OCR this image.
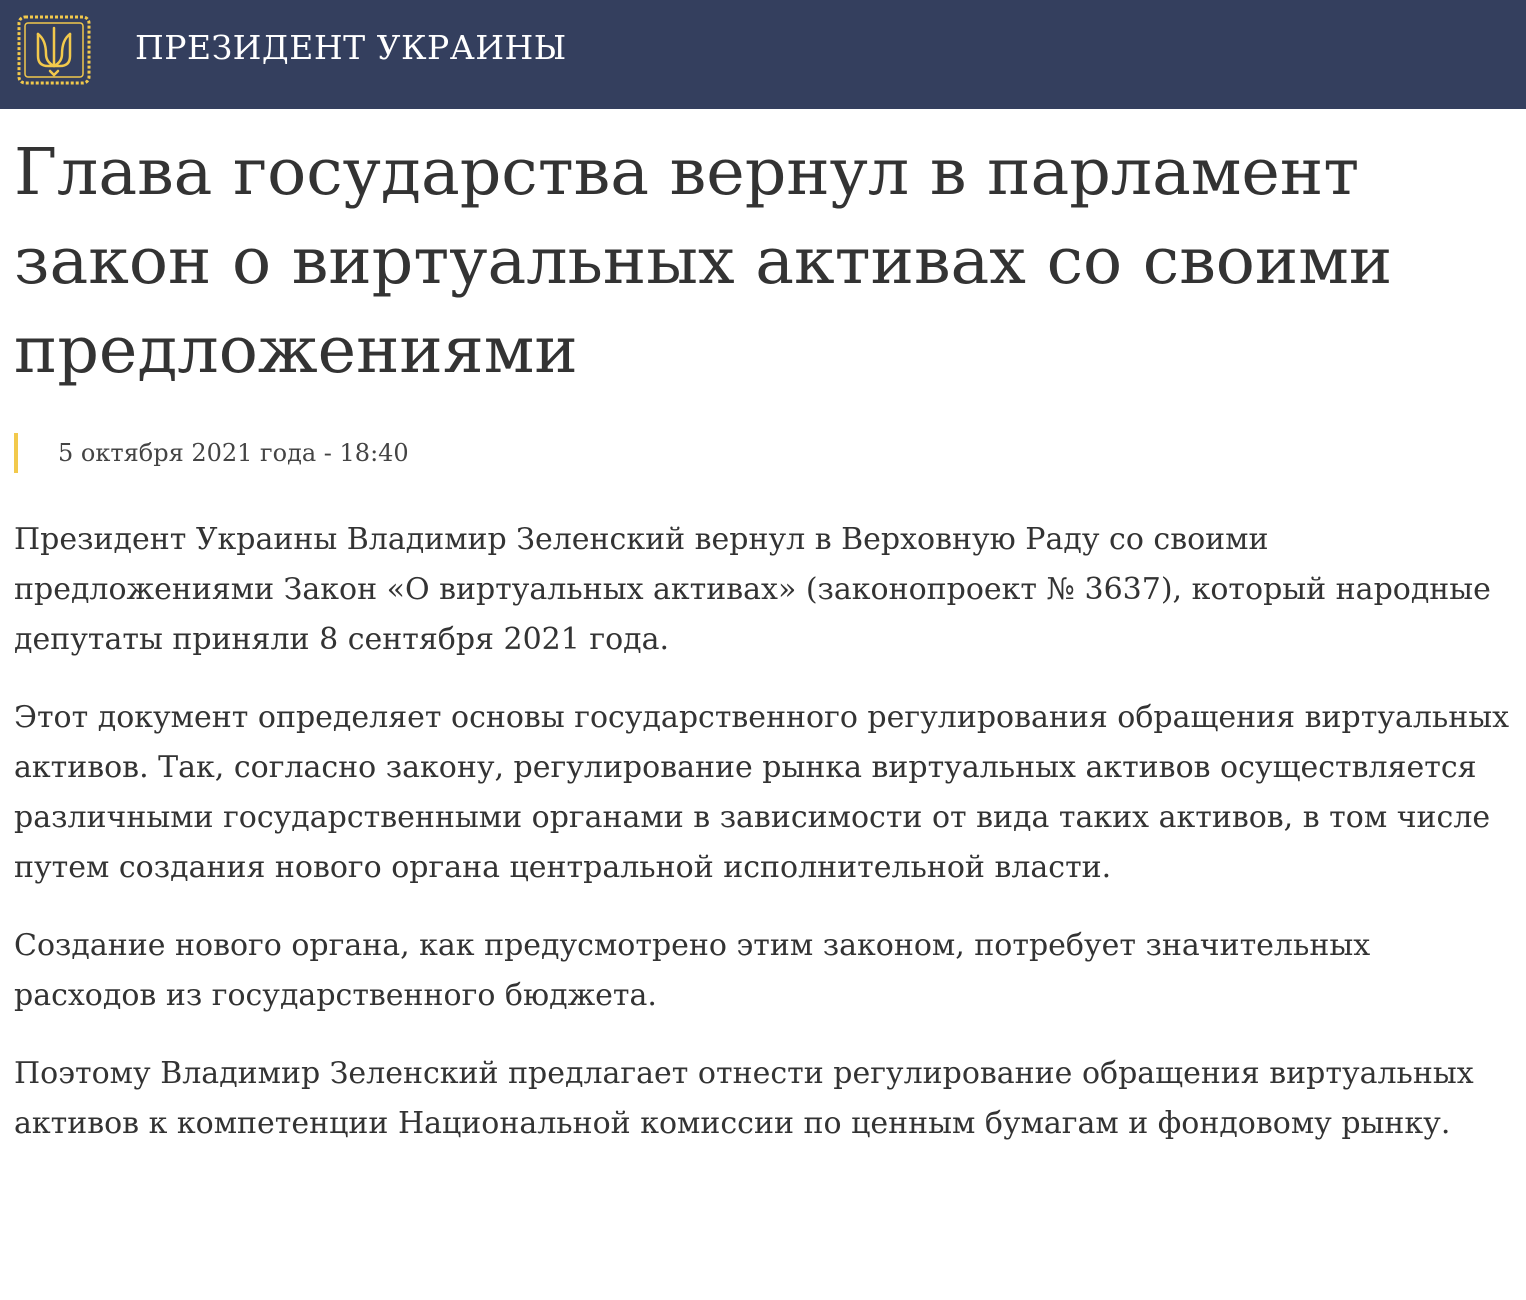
ПРЕЗИДЕНТ УКРАИНЫ
Глава государства вернул в парламент закон о виртуальных активах со своими предложениями
5 октября 2021 года - 18:40

Президент Украины Владимир Зеленский вернул в Верховную Раду со своими предложениями Закон «О виртуальных активах» (законопроект № 3637), который народные депутаты приняли 8 сентября 2021 года.

Этот документ определяет основы государственного регулирования обращения виртуальных активов. Так, согласно закону, регулирование рынка виртуальных активов осуществляется различными государственными органами в зависимости от вида таких активов, в том числе путем создания нового органа центральной исполнительной власти.

Создание нового органа, как предусмотрено этим законом, потребует значительных расходов из государственного бюджета.

Поэтому Владимир Зеленский предлагает отнести регулирование обращения виртуальных активов к компетенции Национальной комиссии по ценным бумагам и фондовому рынку.
